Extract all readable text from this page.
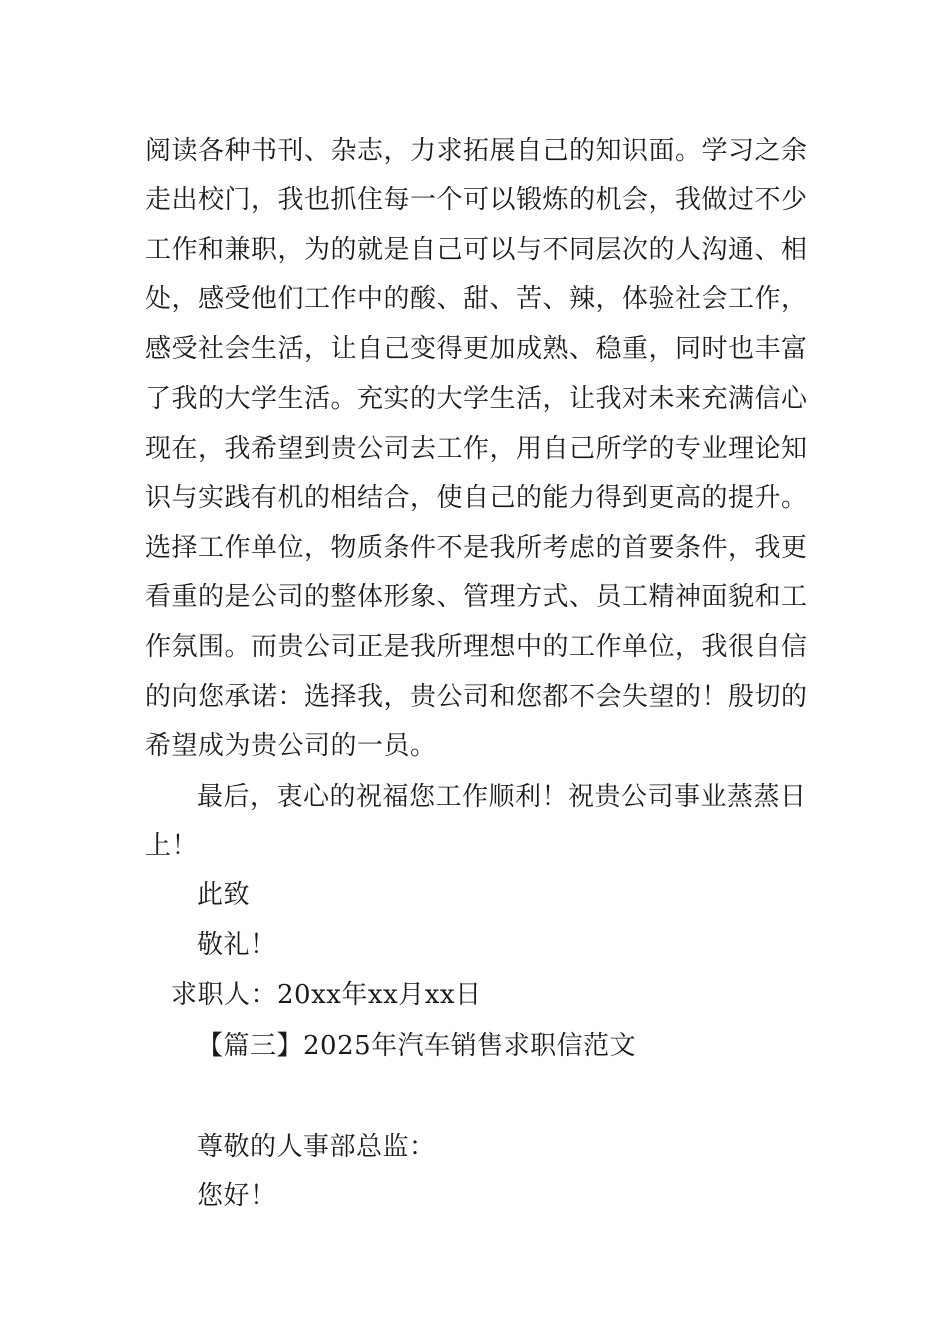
阅读各种书刊、杂志，力求拓展自己的知识面。学习之余
走出校门，我也抓住每一个可以锻炼的机会，我做过不少
工作和兼职，为的就是自己可以与不同层次的人沟通、相
处，感受他们工作中的酸、甜、苦、辣，体验社会工作，
感受社会生活，让自己变得更加成熟、稳重，同时也丰富
了我的大学生活。充实的大学生活，让我对未来充满信心
现在，我希望到贵公司去工作，用自己所学的专业理论知
识与实践有机的相结合，使自己的能力得到更高的提升。
选择工作单位，物质条件不是我所考虑的首要条件，我更
看重的是公司的整体形象、管理方式、员工精神面貌和工
作氛围。而贵公司正是我所理想中的工作单位，我很自信
的向您承诺：选择我，贵公司和您都不会失望的！殷切的
希望成为贵公司的一员。
最后，衷心的祝福您工作顺利！祝贵公司事业蒸蒸日
上！
此致
敬礼！
求职人：20xx年xx月xx日
【篇三】2025年汽车销售求职信范文
尊敬的人事部总监：
您好！
